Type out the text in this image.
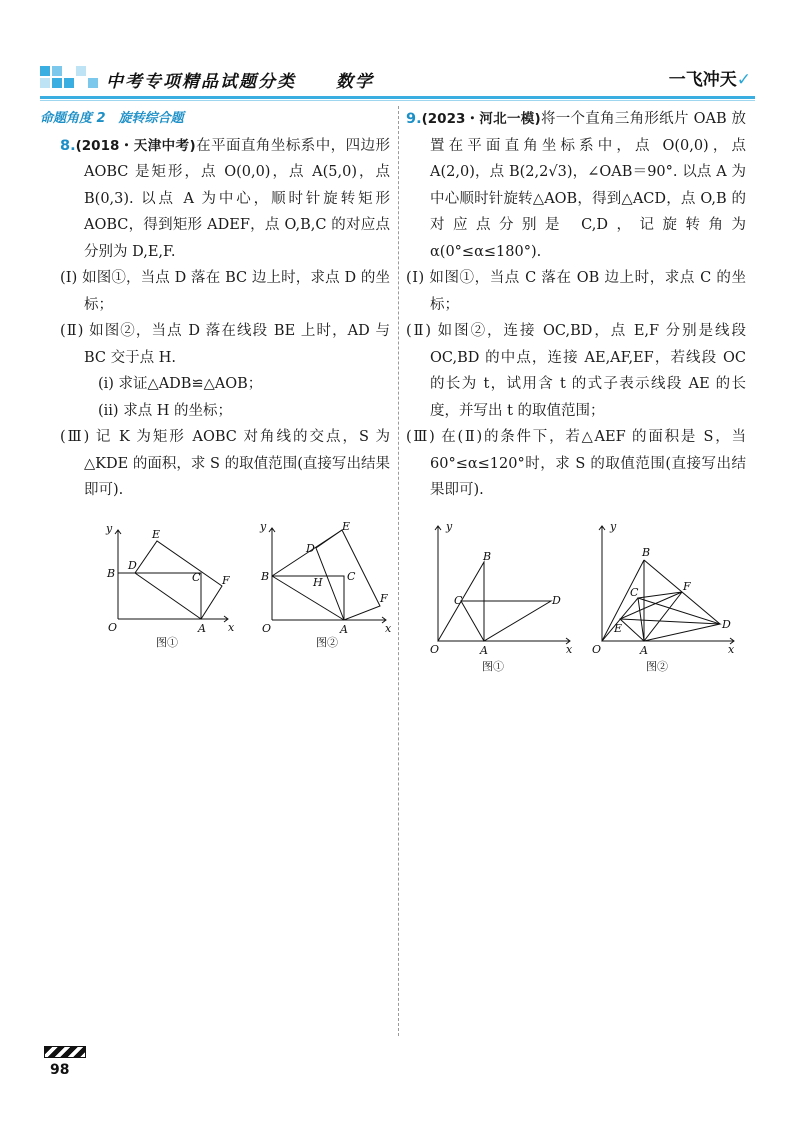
中考专项精品试题分类 数学	一飞冲天✓
命题角度 2　旋转综合题
8.(2018・天津中考)在平面直角坐标系中，四边形 AOBC 是矩形，点 O(0,0)，点 A(5,0)，点 B(0,3). 以点 A 为中心，顺时针旋转矩形 AOBC，得到矩形 ADEF，点 O,B,C 的对应点分别为 D,E,F.
(Ⅰ) 如图①，当点 D 落在 BC 边上时，求点 D 的坐标；
(Ⅱ) 如图②，当点 D 落在线段 BE 上时，AD 与 BC 交于点 H.
(ⅰ) 求证△ADB≌△AOB；
(ⅱ) 求点 H 的坐标；
(Ⅲ) 记 K 为矩形 AOBC 对角线的交点，S 为△KDE 的面积，求 S 的取值范围(直接写出结果即可).
y
x
O	A
B	C
D
E
F
图①
y
x
O	A
B	C
D
E
F
H
图②
9.(2023・河北一模)将一个直角三角形纸片 OAB 放置在平面直角坐标系中，点 O(0,0)，点 A(2,0)，点 B(2,2√3)，∠OAB＝90°. 以点 A 为中心顺时针旋转△AOB，得到△ACD，点 O,B 的对应点分别是 C,D，记旋转角为 α(0°≤α≤180°).
(Ⅰ) 如图①，当点 C 落在 OB 边上时，求点 C 的坐标；
(Ⅱ) 如图②，连接 OC,BD，点 E,F 分别是线段 OC,BD 的中点，连接 AE,AF,EF，若线段 OC 的长为 t，试用含 t 的式子表示线段 AE 的长度，并写出 t 的取值范围；
(Ⅲ) 在(Ⅱ)的条件下，若△AEF 的面积是 S，当 60°≤α≤120°时，求 S 的取值范围(直接写出结果即可).
y
x
O	A
B
C	D
图①
y
x
O	A
B
C
D
E
F
图②
98
